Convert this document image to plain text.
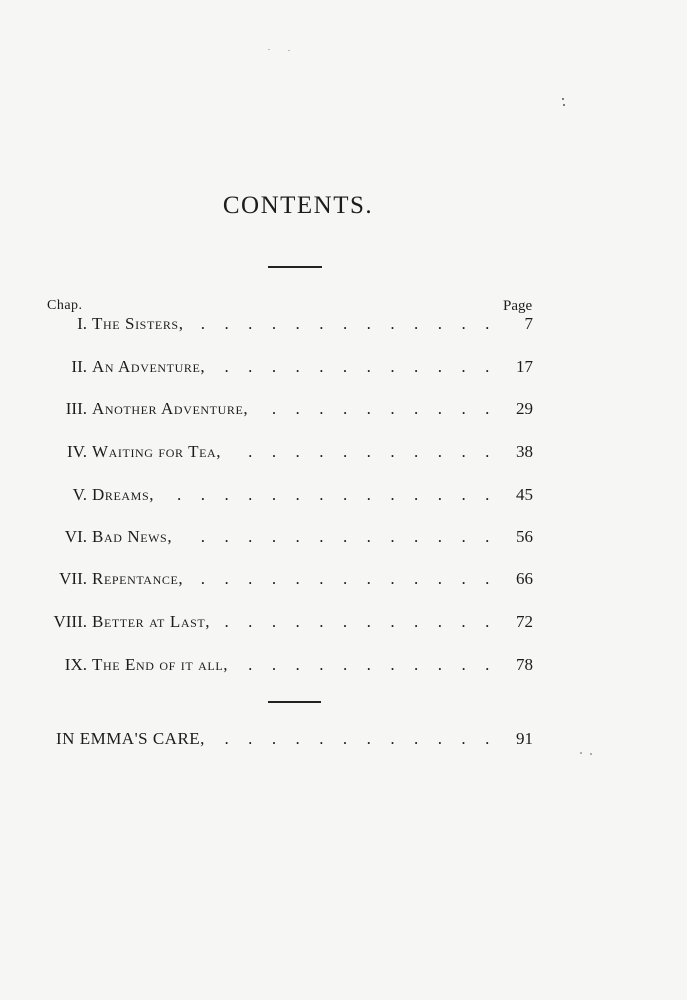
CONTENTS.
Chap.	Page
I. The Sisters, . . . . . . . . . . . . .	7
II. An Adventure, . . . . . . . . . . . . 17
III. Another Adventure, . . . . . . . . . . 29
IV. Waiting for Tea, . . . . . . . . . . . 38
V. Dreams, . . . . . . . . . . . . . . 45
VI. Bad News, . . . . . . . . . . . . . 56
VII. Repentance, . . . . . . . . . . . . . 66
VIII. Better at Last, . . . . . . . . . . . . 72
IX. The End of it all, . . . . . . . . . . . 78
IN EMMA'S CARE, . . . . . . . . . . . . 91
